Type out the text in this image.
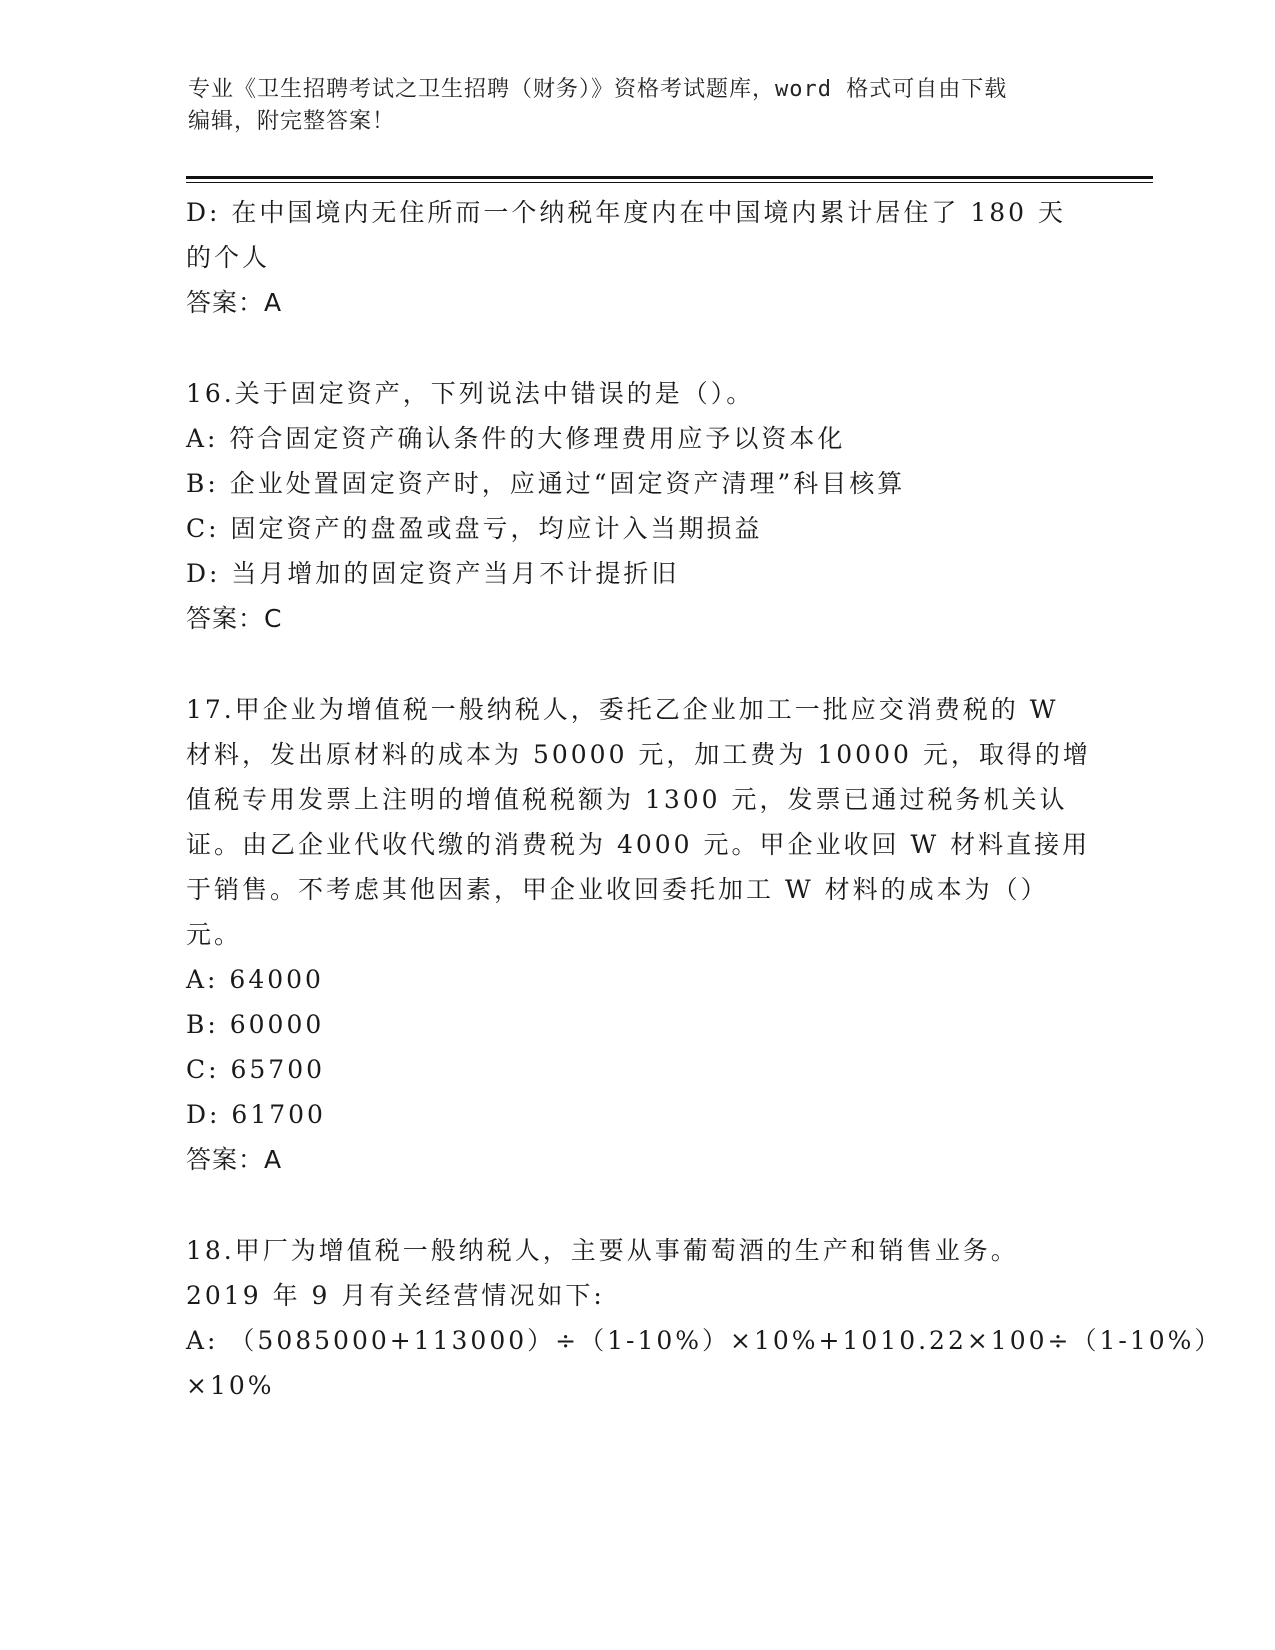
专业《卫生招聘考试之卫生招聘（财务）》资格考试题库，word 格式可自由下载
编辑，附完整答案！
D: 在中国境内无住所而一个纳税年度内在中国境内累计居住了 180 天
的个人
答案：A
16.关于固定资产，下列说法中错误的是（）。
A: 符合固定资产确认条件的大修理费用应予以资本化
B: 企业处置固定资产时，应通过“固定资产清理”科目核算
C: 固定资产的盘盈或盘亏，均应计入当期损益
D: 当月增加的固定资产当月不计提折旧
答案：C
17.甲企业为增值税一般纳税人，委托乙企业加工一批应交消费税的 W
材料，发出原材料的成本为 50000 元，加工费为 10000 元，取得的增
值税专用发票上注明的增值税税额为 1300 元，发票已通过税务机关认
证。由乙企业代收代缴的消费税为 4000 元。甲企业收回 W 材料直接用
于销售。不考虑其他因素，甲企业收回委托加工 W 材料的成本为（）
元。
A: 64000
B: 60000
C: 65700
D: 61700
答案：A
18.甲厂为增值税一般纳税人，主要从事葡萄酒的生产和销售业务。
2019 年 9 月有关经营情况如下:
A: （5085000+113000）÷（1-10%）×10%+1010.22×100÷（1-10%）
×10%
